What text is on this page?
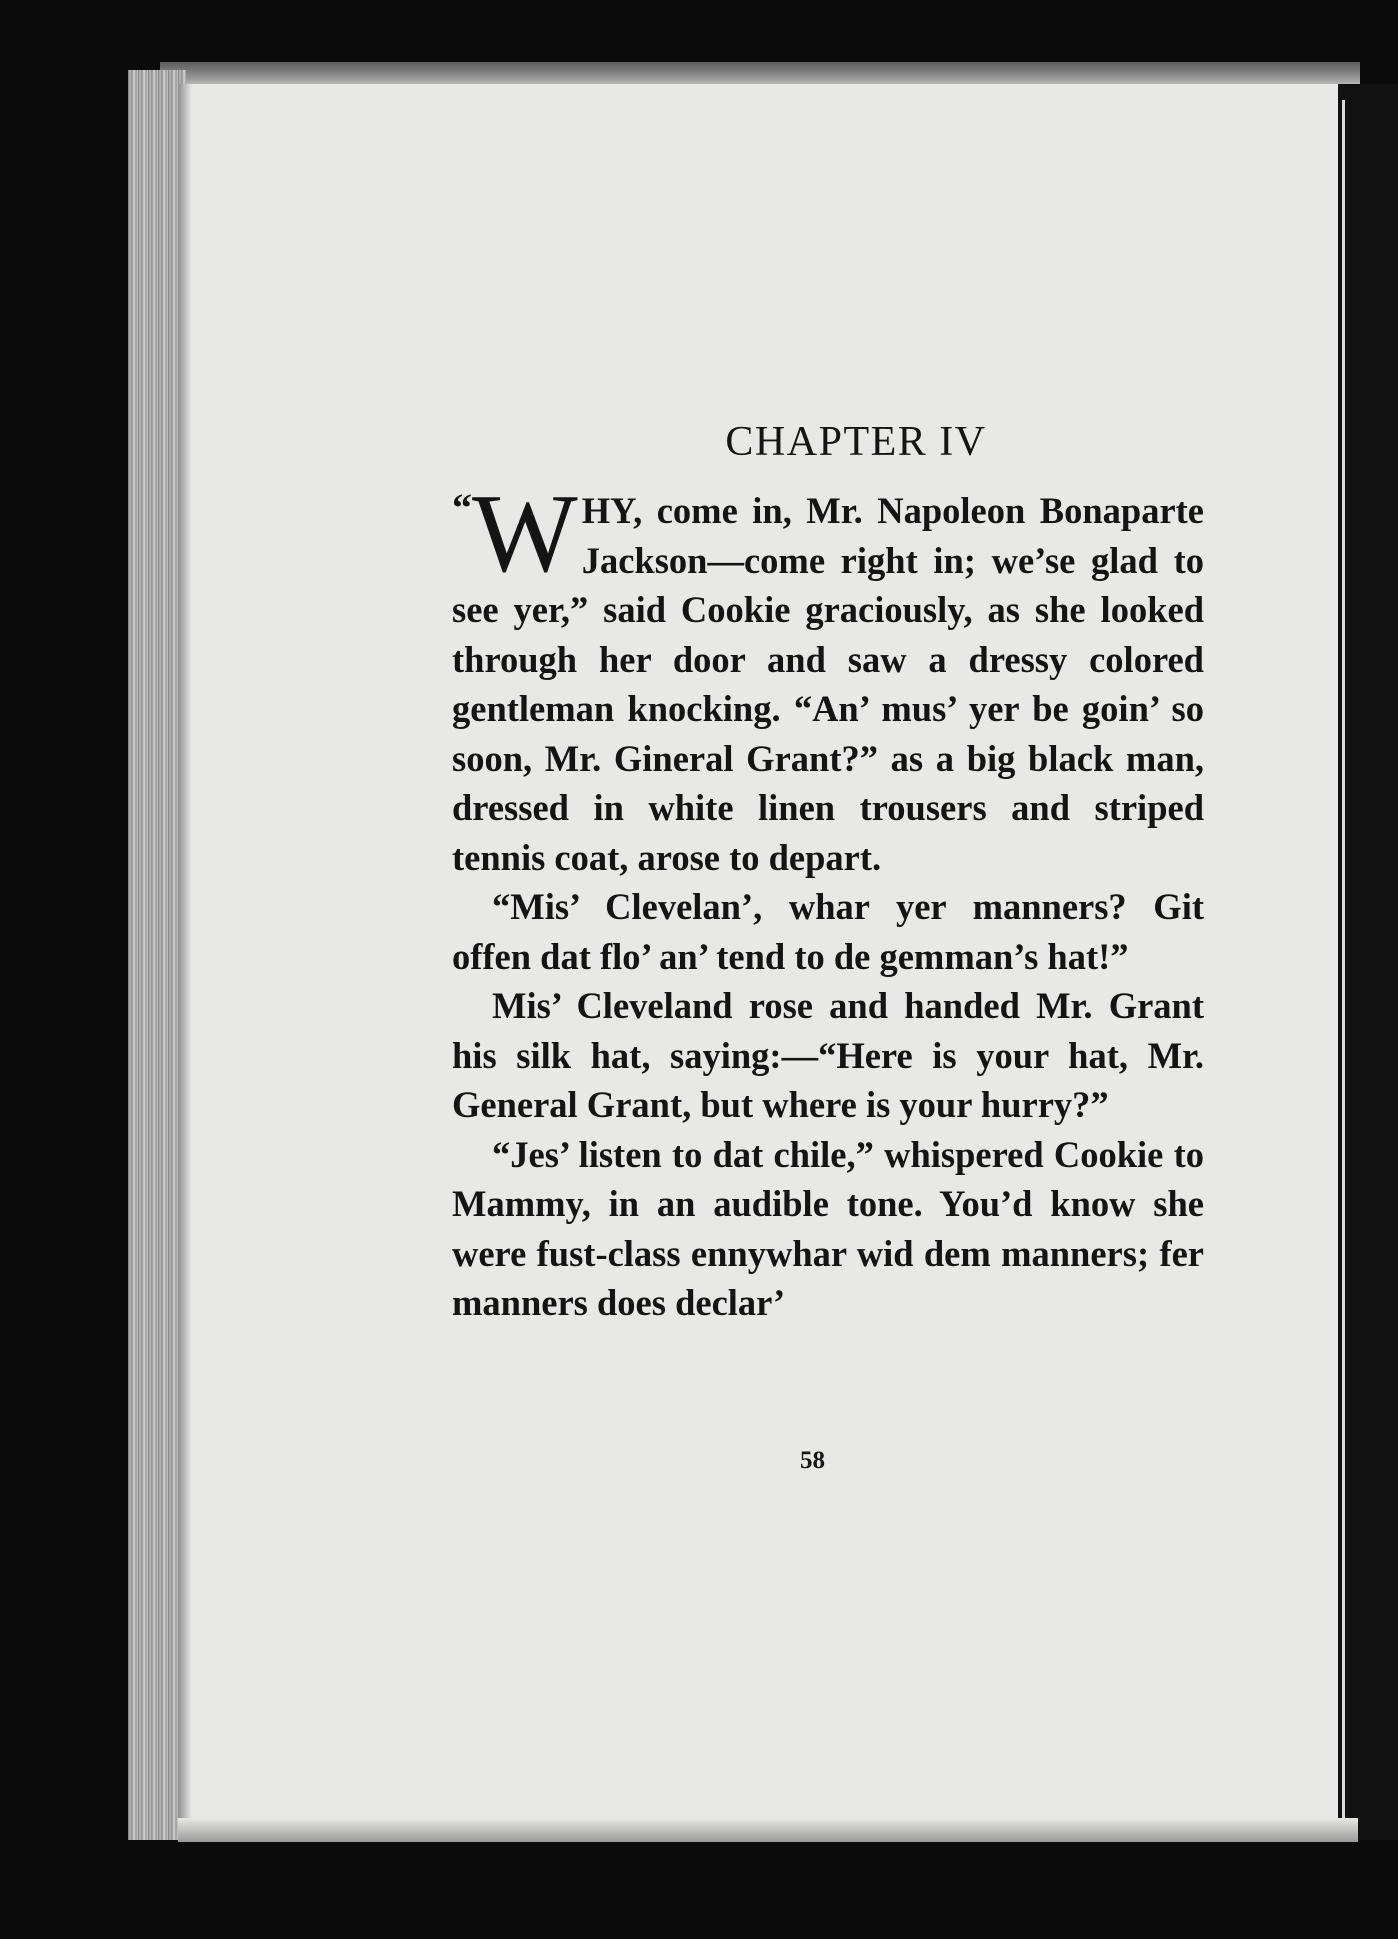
CHAPTER IV

“ W HY, come in, Mr. Napoleon Bonaparte Jackson—come right in; we’se glad to see yer,” said Cookie graciously, as she looked through her door and saw a dressy colored gentleman knocking. “An’ mus’ yer be goin’ so soon, Mr. Gineral Grant?” as a big black man, dressed in white linen trousers and striped tennis coat, arose to depart.

“Mis’ Clevelan’, whar yer manners? Git offen dat flo’ an’ tend to de gemman’s hat!”

Mis’ Cleveland rose and handed Mr. Grant his silk hat, saying:—“Here is your hat, Mr. General Grant, but where is your hurry?”

“Jes’ listen to dat chile,” whispered Cookie to Mammy, in an audible tone. You’d know she were fust-class ennywhar wid dem manners; fer manners does declar’

58
